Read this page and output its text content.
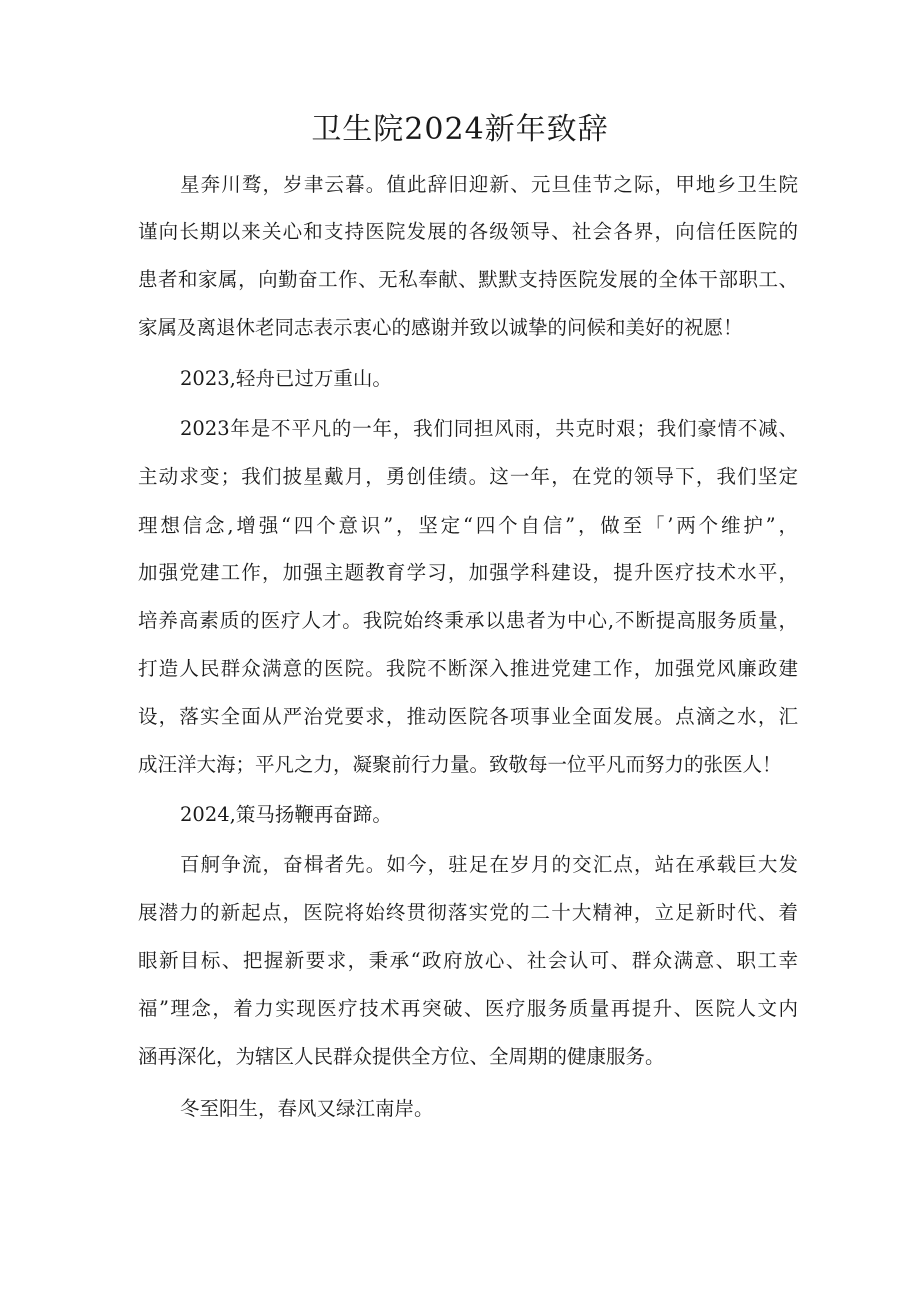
卫生院2024新年致辞

星奔川骛，岁聿云暮。值此辞旧迎新、元旦佳节之际，甲地乡卫生院

谨向长期以来关心和支持医院发展的各级领导、社会各界，向信任医院的

患者和家属，向勤奋工作、无私奉献、默默支持医院发展的全体干部职工、

家属及离退休老同志表示衷心的感谢并致以诚挚的问候和美好的祝愿！

2023,轻舟已过万重山。

2023年是不平凡的一年，我们同担风雨，共克时艰；我们豪情不减、

主动求变；我们披星戴月，勇创佳绩。这一年，在党的领导下，我们坚定

理想信念,增强“四个意识”，坚定“四个自信”，做至「’两个维护”，

加强党建工作，加强主题教育学习，加强学科建设，提升医疗技术水平，

培养高素质的医疗人才。我院始终秉承以患者为中心,不断提高服务质量，

打造人民群众满意的医院。我院不断深入推进党建工作，加强党风廉政建

设，落实全面从严治党要求，推动医院各项事业全面发展。点滴之水，汇

成汪洋大海；平凡之力，凝聚前行力量。致敬每一位平凡而努力的张医人！

2024,策马扬鞭再奋蹄。

百舸争流，奋楫者先。如今，驻足在岁月的交汇点，站在承载巨大发

展潜力的新起点，医院将始终贯彻落实党的二十大精神，立足新时代、着

眼新目标、把握新要求，秉承“政府放心、社会认可、群众满意、职工幸

福”理念，着力实现医疗技术再突破、医疗服务质量再提升、医院人文内

涵再深化，为辖区人民群众提供全方位、全周期的健康服务。

冬至阳生，春风又绿江南岸。
